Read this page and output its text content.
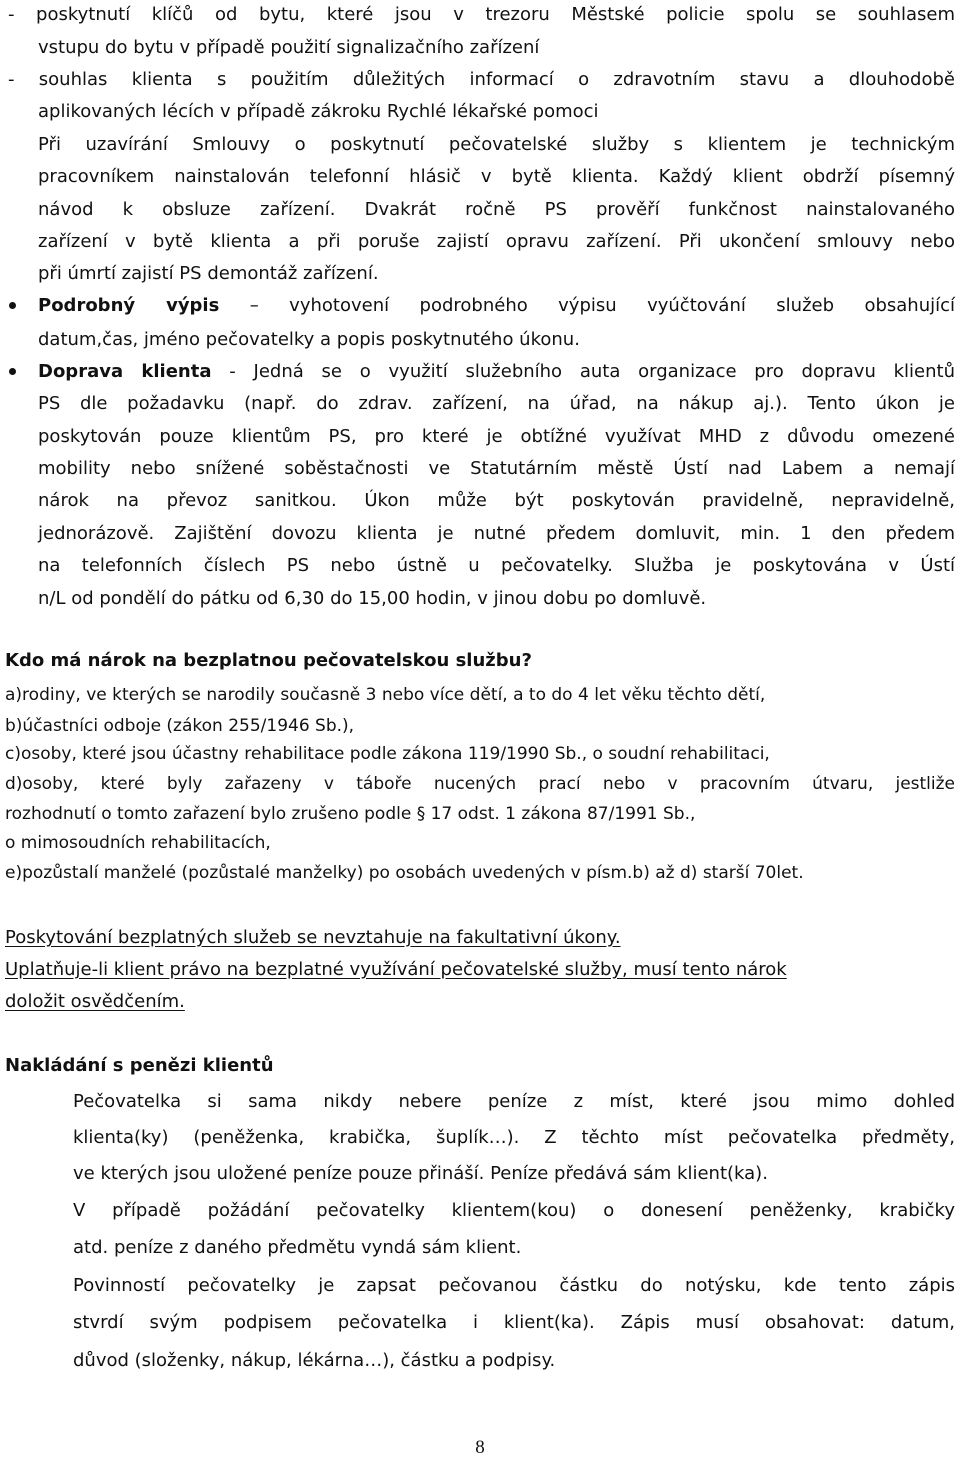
- poskytnutí klíčů od bytu, které jsou v trezoru Městské policie spolu se souhlasem
vstupu do bytu v případě použití signalizačního zařízení
- souhlas klienta s použitím důležitých informací o zdravotním stavu a dlouhodobě
aplikovaných lécích v případě zákroku Rychlé lékařské pomoci
Při uzavírání Smlouvy o poskytnutí pečovatelské služby s klientem je technickým
pracovníkem nainstalován telefonní hlásič v bytě klienta. Každý klient obdrží písemný
návod k obsluze zařízení. Dvakrát ročně PS prověří funkčnost nainstalovaného
zařízení v bytě klienta a při poruše zajistí opravu zařízení. Při ukončení smlouvy nebo
při úmrtí zajistí PS demontáž zařízení.
Podrobný výpis – vyhotovení podrobného výpisu vyúčtování služeb obsahující
datum,čas, jméno pečovatelky a popis poskytnutého úkonu.
Doprava klienta - Jedná se o využití služebního auta organizace pro dopravu klientů
PS dle požadavku (např. do zdrav. zařízení, na úřad, na nákup aj.). Tento úkon je
poskytován pouze klientům PS, pro které je obtížné využívat MHD z důvodu omezené
mobility nebo snížené soběstačnosti ve Statutárním městě Ústí nad Labem a nemají
nárok na převoz sanitkou. Úkon může být poskytován pravidelně, nepravidelně,
jednorázově. Zajištění dovozu klienta je nutné předem domluvit, min. 1 den předem
na telefonních číslech PS nebo ústně u pečovatelky. Služba je poskytována v Ústí
n/L od pondělí do pátku od 6,30 do 15,00 hodin, v jinou dobu po domluvě.
Kdo má nárok na bezplatnou pečovatelskou službu?
a)rodiny, ve kterých se narodily současně 3 nebo více dětí, a to do 4 let věku těchto dětí,
b)účastníci odboje (zákon 255/1946 Sb.),
c)osoby, které jsou účastny rehabilitace podle zákona 119/1990 Sb., o soudní rehabilitaci,
d)osoby, které byly zařazeny v táboře nucených prací nebo v pracovním útvaru, jestliže
rozhodnutí o tomto zařazení bylo zrušeno podle § 17 odst. 1 zákona 87/1991 Sb.,
o mimosoudních rehabilitacích,
e)pozůstalí manželé (pozůstalé manželky) po osobách uvedených v písm.b) až d) starší 70let.
Poskytování bezplatných služeb se nevztahuje na fakultativní úkony.
Uplatňuje-li klient právo na bezplatné využívání pečovatelské služby, musí tento nárok
doložit osvědčením.
Nakládání s penězi klientů
Pečovatelka si sama nikdy nebere peníze z míst, které jsou mimo dohled
klienta(ky) (peněženka, krabička, šuplík…). Z těchto míst pečovatelka předměty,
ve kterých jsou uložené peníze pouze přináší. Peníze předává sám klient(ka).
V případě požádání pečovatelky klientem(kou) o donesení peněženky, krabičky
atd. peníze z daného předmětu vyndá sám klient.
Povinností pečovatelky je zapsat pečovanou částku do notýsku, kde tento zápis
stvrdí svým podpisem pečovatelka i klient(ka). Zápis musí obsahovat: datum,
důvod (složenky, nákup, lékárna…), částku a podpisy.
8
